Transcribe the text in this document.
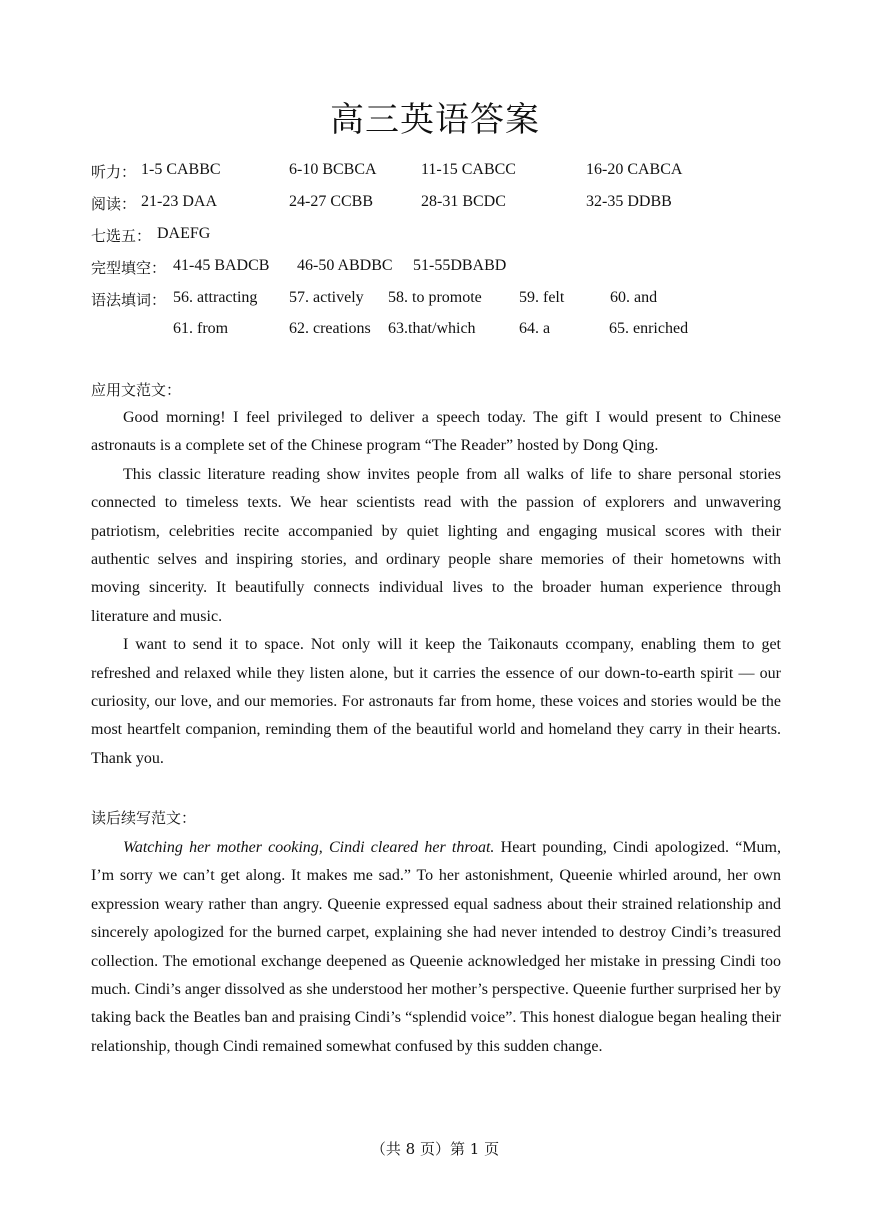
高三英语答案
听力： 1-5 CABBC	6-10 BCBCA	11-15 CABCC	16-20 CABCA
阅读： 21-23 DAA	24-27 CCBB	28-31 BCDC	32-35 DDBB
七选五： DAEFG
完型填空： 41-45 BADCB 46-50 ABDBC 51-55DBABD
语法填词： 56. attracting 57. actively 58. to promote 59. felt	60. and
61. from	62. creations 63.that/which	64. a	65. enriched
应用文范文：

Good morning! I feel privileged to deliver a speech today. The gift I would present to Chinese astronauts is a complete set of the Chinese program “The Reader” hosted by Dong Qing.

This classic literature reading show invites people from all walks of life to share personal stories connected to timeless texts. We hear scientists read with the passion of explorers and unwavering patriotism, celebrities recite accompanied by quiet lighting and engaging musical scores with their authentic selves and inspiring stories, and ordinary people share memories of their hometowns with moving sincerity. It beautifully connects individual lives to the broader human experience through literature and music.

I want to send it to space. Not only will it keep the Taikonauts ccompany, enabling them to get refreshed and relaxed while they listen alone, but it carries the essence of our down-to-earth spirit — our curiosity, our love, and our memories. For astronauts far from home, these voices and stories would be the most heartfelt companion, reminding them of the beautiful world and homeland they carry in their hearts. Thank you.

读后续写范文：

Watching her mother cooking, Cindi cleared her throat. Heart pounding, Cindi apologized. “Mum, I’m sorry we can’t get along. It makes me sad.” To her astonishment, Queenie whirled around, her own expression weary rather than angry. Queenie expressed equal sadness about their strained relationship and sincerely apologized for the burned carpet, explaining she had never intended to destroy Cindi’s treasured collection. The emotional exchange deepened as Queenie acknowledged her mistake in pressing Cindi too much. Cindi’s anger dissolved as she understood her mother’s perspective. Queenie further surprised her by taking back the Beatles ban and praising Cindi’s “splendid voice”. This honest dialogue began healing their relationship, though Cindi remained somewhat confused by this sudden change.

（共 8 页）第 1 页
